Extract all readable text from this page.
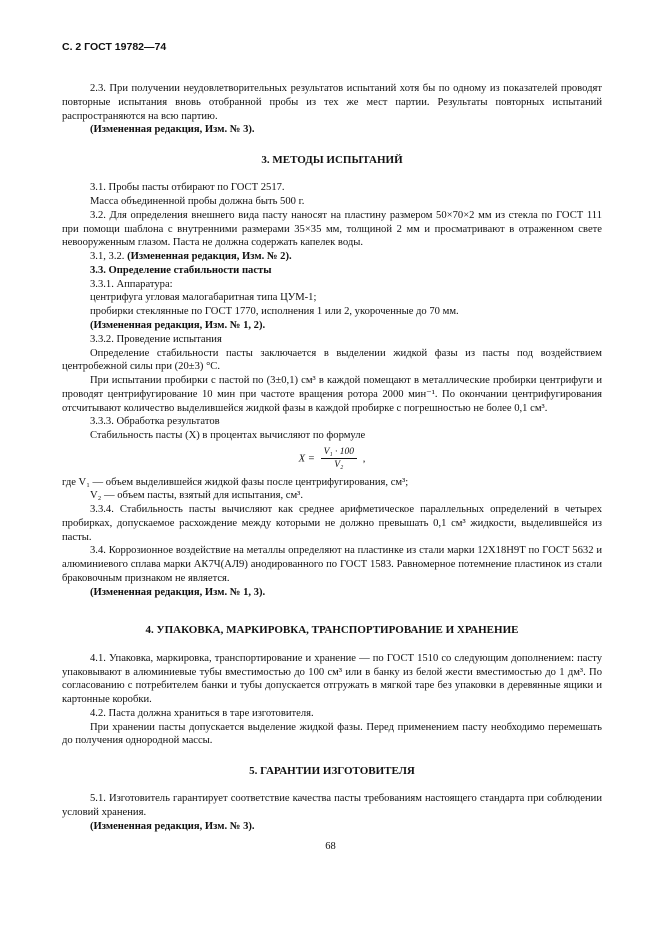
С. 2 ГОСТ 19782—74

2.3. При получении неудовлетворительных результатов испытаний хотя бы по одному из показателей проводят повторные испытания вновь отобранной пробы из тех же мест партии. Результаты повторных испытаний распространяются на всю партию.

(Измененная редакция, Изм. № 3).

3. МЕТОДЫ ИСПЫТАНИЙ

3.1. Пробы пасты отбирают по ГОСТ 2517.

Масса объединенной пробы должна быть 500 г.

3.2. Для определения внешнего вида пасту наносят на пластину размером 50×70×2 мм из стекла по ГОСТ 111 при помощи шаблона с внутренними размерами 35×35 мм, толщиной 2 мм и просматривают в отраженном свете невооруженным глазом. Паста не должна содержать капелек воды.

3.1, 3.2. (Измененная редакция, Изм. № 2).

3.3. Определение стабильности пасты

3.3.1. Аппаратура:

центрифуга угловая малогабаритная типа ЦУМ-1;

пробирки стеклянные по ГОСТ 1770, исполнения 1 или 2, укороченные до 70 мм.

(Измененная редакция, Изм. № 1, 2).

3.3.2. Проведение испытания

Определение стабильности пасты заключается в выделении жидкой фазы из пасты под воздействием центробежной силы при (20±3) °С.

При испытании пробирки с пастой по (3±0,1) см³ в каждой помещают в металлические пробирки центрифуги и проводят центрифугирование 10 мин при частоте вращения ротора 2000 мин⁻¹. По окончании центрифугирования отсчитывают количество выделившейся жидкой фазы в каждой пробирке с погрешностью не более 0,1 см³.

3.3.3. Обработка результатов

Стабильность пасты (X) в процентах вычисляют по формуле

$X = \frac{\text{V₁ · 100}}{\text{V₂}}$ ,

где V₁ — объем выделившейся жидкой фазы после центрифугирования, см³;

V₂ — объем пасты, взятый для испытания, см³.

3.3.4. Стабильность пасты вычисляют как среднее арифметическое параллельных определений в четырех пробирках, допускаемое расхождение между которыми не должно превышать 0,1 см³ жидкости, выделившейся из пасты.

3.4. Коррозионное воздействие на металлы определяют на пластинке из стали марки 12Х18Н9Т по ГОСТ 5632 и алюминиевого сплава марки АК7Ч(АЛ9) анодированного по ГОСТ 1583. Равномерное потемнение пластинок из стали браковочным признаком не является.

(Измененная редакция, Изм. № 1, 3).

4. УПАКОВКА, МАРКИРОВКА, ТРАНСПОРТИРОВАНИЕ И ХРАНЕНИЕ

4.1. Упаковка, маркировка, транспортирование и хранение — по ГОСТ 1510 со следующим дополнением: пасту упаковывают в алюминиевые тубы вместимостью до 100 см³ или в банку из белой жести вместимостью до 1 дм³. По согласованию с потребителем банки и тубы допускается отгружать в мягкой таре без упаковки в деревянные ящики и картонные коробки.

4.2. Паста должна храниться в таре изготовителя.

При хранении пасты допускается выделение жидкой фазы. Перед применением пасту необходимо перемешать до получения однородной массы.

5. ГАРАНТИИ ИЗГОТОВИТЕЛЯ

5.1. Изготовитель гарантирует соответствие качества пасты требованиям настоящего стандарта при соблюдении условий хранения.

(Измененная редакция, Изм. № 3).

68
